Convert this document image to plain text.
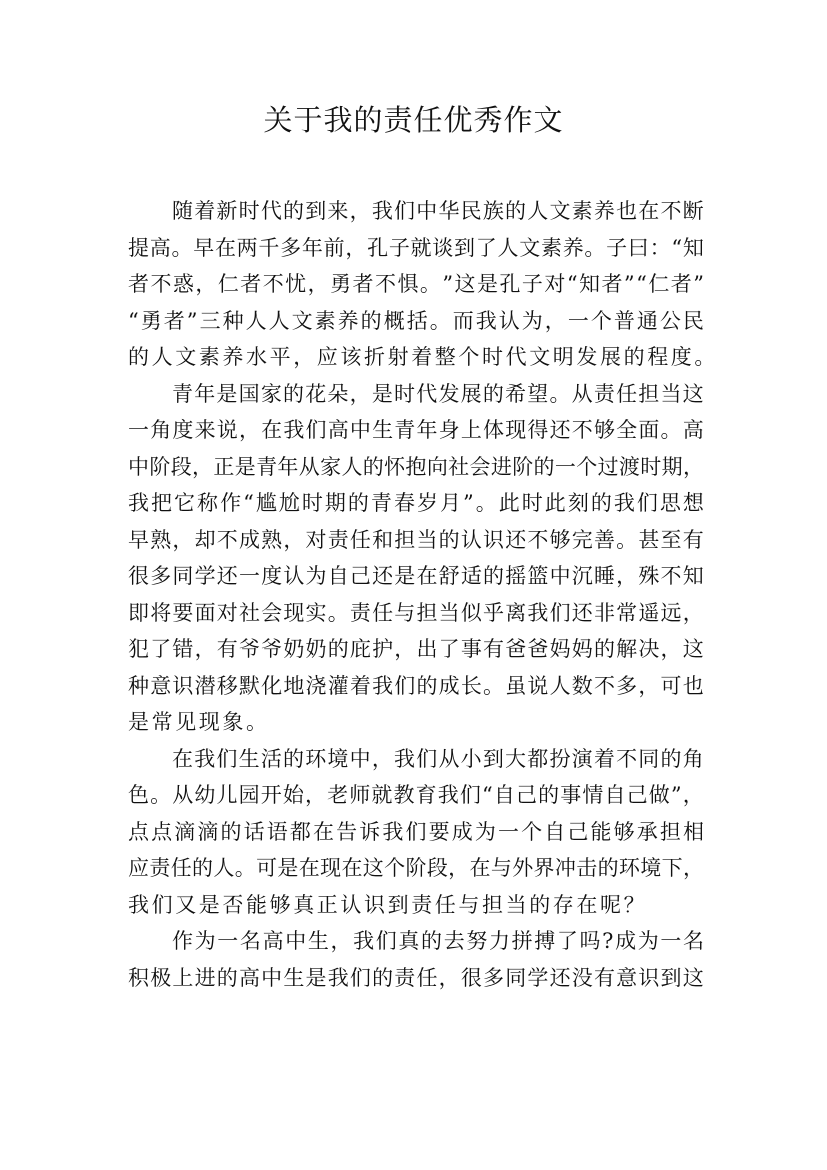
关于我的责任优秀作文
随 着 新 时 代 的 到 来 ， 我 们 中 华 民 族 的 人 文 素 养 也 在 不 断
提 高 。 早 在 两 千 多 年 前 ， 孔 子 就 谈 到 了 人 文 素 养 。 子 曰 ： “ 知
者 不 惑 ， 仁 者 不 忧 ， 勇 者 不 惧 。 ” 这 是 孔 子 对 “ 知 者 ” “ 仁 者 ”
“ 勇 者 ” 三 种 人 人 文 素 养 的 概 括 。 而 我 认 为 ， 一 个 普 通 公 民
的人文素养水平，应该折射着整个时代文明发展的程度。
青 年 是 国 家 的 花 朵 ， 是 时 代 发 展 的 希 望 。 从 责 任 担 当 这
一 角 度 来 说 ， 在 我 们 高 中 生 青 年 身 上 体 现 得 还 不 够 全 面 。 高
中 阶 段 ， 正 是 青 年 从 家 人 的 怀 抱 向 社 会 进 阶 的 一 个 过 渡 时 期 ，
我 把 它 称 作 “ 尴 尬 时 期 的 青 春 岁 月 ” 。 此 时 此 刻 的 我 们 思 想
早 熟 ， 却 不 成 熟 ， 对 责 任 和 担 当 的 认 识 还 不 够 完 善 。 甚 至 有
很 多 同 学 还 一 度 认 为 自 己 还 是 在 舒 适 的 摇 篮 中 沉 睡 ， 殊 不 知
即 将 要 面 对 社 会 现 实 。 责 任 与 担 当 似 乎 离 我 们 还 非 常 遥 远 ，
犯 了 错 ， 有 爷 爷 奶 奶 的 庇 护 ， 出 了 事 有 爸 爸 妈 妈 的 解 决 ， 这
种 意 识 潜 移 默 化 地 浇 灌 着 我 们 的 成 长 。 虽 说 人 数 不 多 ， 可 也
是常见现象。
在 我 们 生 活 的 环 境 中 ， 我 们 从 小 到 大 都 扮 演 着 不 同 的 角
色 。 从 幼 儿 园 开 始 ， 老 师 就 教 育 我 们 “ 自 己 的 事 情 自 己 做 ” ，
点 点 滴 滴 的 话 语 都 在 告 诉 我 们 要 成 为 一 个 自 己 能 够 承 担 相
应 责 任 的 人 。 可 是 在 现 在 这 个 阶 段 ， 在 与 外 界 冲 击 的 环 境 下 ，
我们又是否能够真正认识到责任与担当的存在呢？
作 为 一 名 高 中 生 ， 我 们 真 的 去 努 力 拼 搏 了 吗 ? 成 为 一 名
积 极 上 进 的 高 中 生 是 我 们 的 责 任 ， 很 多 同 学 还 没 有 意 识 到 这
